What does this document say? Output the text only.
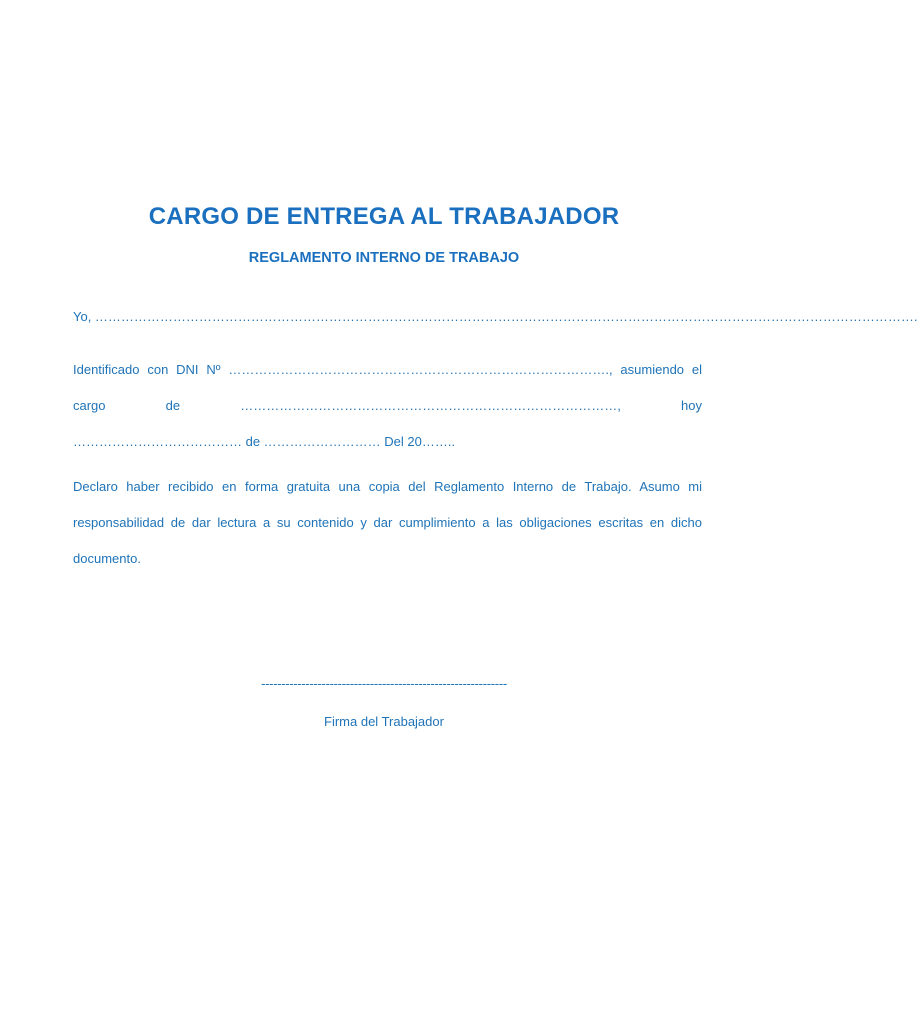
CARGO DE ENTREGA AL TRABAJADOR
REGLAMENTO INTERNO DE TRABAJO
Yo, ……………………………………………………………………………………………………………………………………………………………………….
Identificado con DNI Nº ……………………………………………………………………………., asumiendo el cargo de ……………………………………………………………………………, hoy ………………………………… de ……………………… Del 20……..
Declaro haber recibido en forma gratuita una copia del Reglamento Interno de Trabajo. Asumo mi responsabilidad de dar lectura a su contenido y dar cumplimiento a las obligaciones escritas en dicho documento.
-------------------------------------------------------------
Firma del Trabajador
